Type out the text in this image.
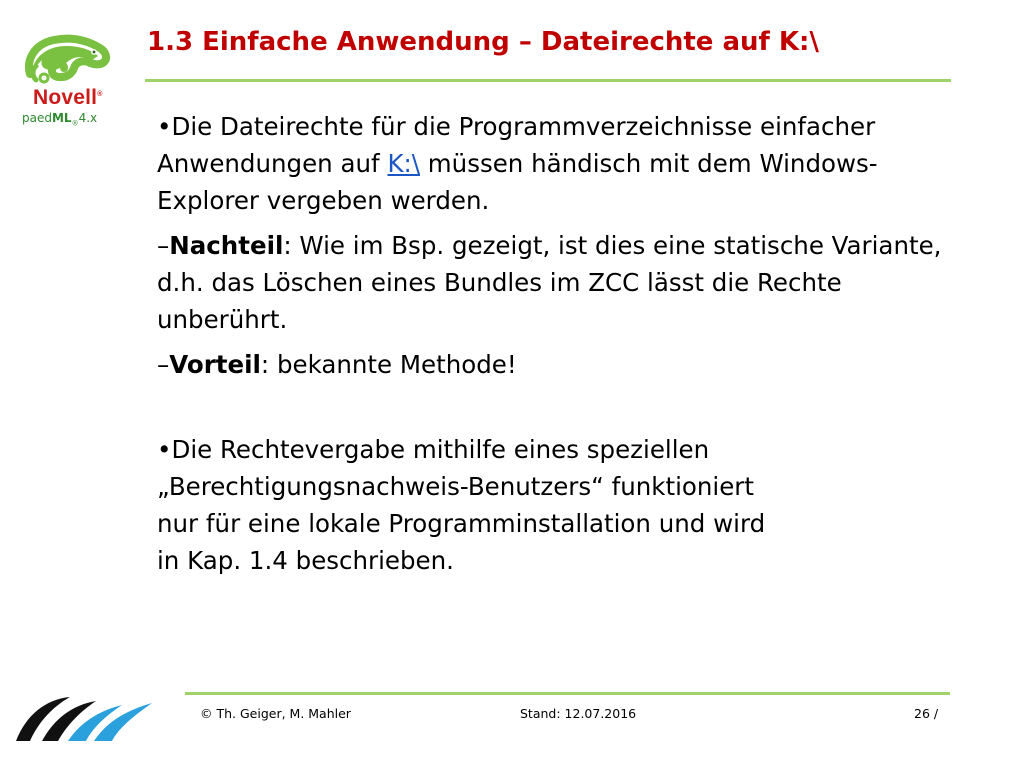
Novell®
paedML$_®$4.x
1.3 Einfache Anwendung – Dateirechte auf K:\

•Die Dateirechte für die Programmverzeichnisse einfacher Anwendungen auf K:\ müssen händisch mit dem Windows-Explorer vergeben werden.

–Nachteil: Wie im Bsp. gezeigt, ist dies eine statische Variante, d.h. das Löschen eines Bundles im ZCC lässt die Rechte unberührt.

–Vorteil: bekannte Methode!

•Die Rechtevergabe mithilfe eines speziellen
„Berechtigungsnachweis-Benutzers“ funktioniert
nur für eine lokale Programminstallation und wird
in Kap. 1.4 beschrieben.

© Th. Geiger, M. Mahler	Stand: 12.07.2016	26 /
